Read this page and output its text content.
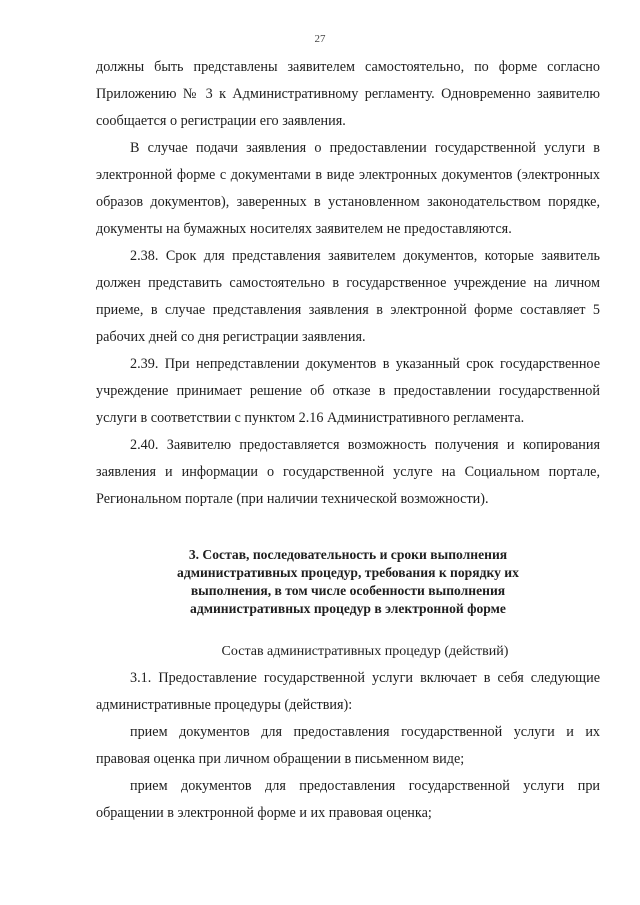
27

должны быть представлены заявителем самостоятельно, по форме согласно Приложению № 3 к Административному регламенту. Одновременно заявителю сообщается о регистрации его заявления.

В случае подачи заявления о предоставлении государственной услуги в электронной форме с документами в виде электронных документов (электронных образов документов), заверенных в установленном законодательством порядке, документы на бумажных носителях заявителем не предоставляются.

2.38. Срок для представления заявителем документов, которые заявитель должен представить самостоятельно в государственное учреждение на личном приеме, в случае представления заявления в электронной форме составляет 5 рабочих дней со дня регистрации заявления.

2.39. При непредставлении документов в указанный срок государственное учреждение принимает решение об отказе в предоставлении государственной услуги в соответствии с пунктом 2.16 Административного регламента.

2.40. Заявителю предоставляется возможность получения и копирования заявления и информации о государственной услуге на Социальном портале, Региональном портале (при наличии технической возможности).

3. Состав, последовательность и сроки выполнения административных процедур, требования к порядку их выполнения, в том числе особенности выполнения административных процедур в электронной форме
Состав административных процедур (действий)

3.1. Предоставление государственной услуги включает в себя следующие административные процедуры (действия):

прием документов для предоставления государственной услуги и их правовая оценка при личном обращении в письменном виде;

прием документов для предоставления государственной услуги при обращении в электронной форме и их правовая оценка;
